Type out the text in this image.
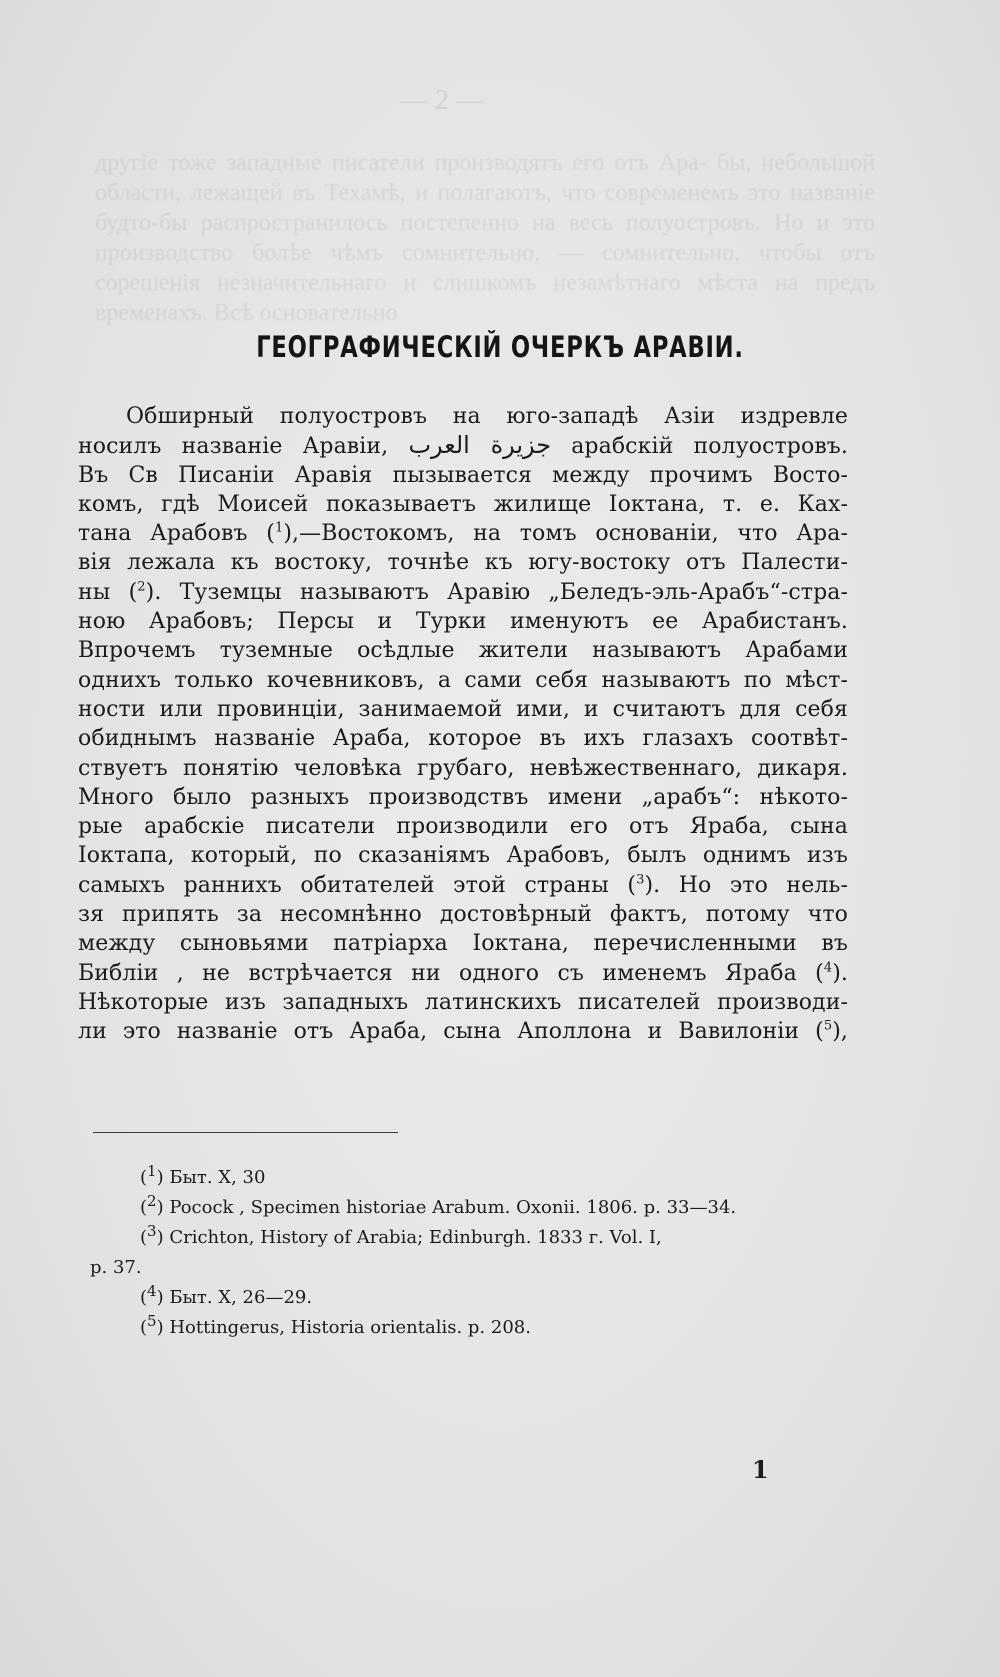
— 2 —
другіе тоже западные писатели производятъ его отъ Ара- бы, небольшой области, лежащей въ Техамѣ, и полагаютъ, что современемъ это названіе будто-бы распространилось постепенно на весь полуостровъ. Но и это производство болѣе чѣмъ сомнительно, — сомнительно, чтобы отъ сорешенія незначительнаго и слишкомъ незамѣтнаго мѣста на предъ временахъ. Всѣ основательно
ГЕОГРАФИЧЕСКІЙ ОЧЕРКЪ АРАВІИ.
Обширный полуостровъ на юго-западѣ Азіи издревле
носилъ названіе Аравіи, جزيرة العرب арабскій полуостровъ.
Въ Св Писаніи Аравія пызывается между прочимъ Восто-
комъ, гдѣ Моисей показываетъ жилище Іоктана, т. е. Ках-
тана Арабовъ ($^1$),—Востокомъ, на томъ основаніи, что Ара-
вія лежала къ востоку, точнѣе къ югу-востоку отъ Палести-
ны ($^2$). Туземцы называютъ Аравію „Беледъ-эль-Арабъ“-стра-
ною Арабовъ; Персы и Турки именуютъ ее Арабистанъ.
Впрочемъ туземные осѣдлые жители называютъ Арабами
однихъ только кочевниковъ, а сами себя называютъ по мѣст-
ности или провинціи, занимаемой ими, и считаютъ для себя
обиднымъ названіе Араба, которое въ ихъ глазахъ соотвѣт-
ствуетъ понятію человѣка грубаго, невѣжественнаго, дикаря.
Много было разныхъ производствъ имени „арабъ“: нѣкото-
рые арабскіе писатели производили его отъ Яраба, сына
Іоктапа, который, по сказаніямъ Арабовъ, былъ однимъ изъ
самыхъ раннихъ обитателей этой страны ($^3$). Но это нель-
зя припять за несомнѣнно достовѣрный фактъ, потому что
между сыновьями патріарха Іоктана, перечисленными въ
Библіи , не встрѣчается ни одного съ именемъ Яраба ($^4$).
Нѣкоторые изъ западныхъ латинскихъ писателей производи-
ли это названіе отъ Араба, сына Аполлона и Вавилоніи ($^5$),
($^1$) Быт. X, 30
($^2$) Pocock , Specimen historiae Arabum. Oxonii. 1806. p. 33—34.
($^3$) Crichton, History of Arabia; Edinburgh. 1833 г. Vol. I,
p. 37.
($^4$) Быт. X, 26—29.
($^5$) Hottingerus, Historia orientalis. p. 208.
1
